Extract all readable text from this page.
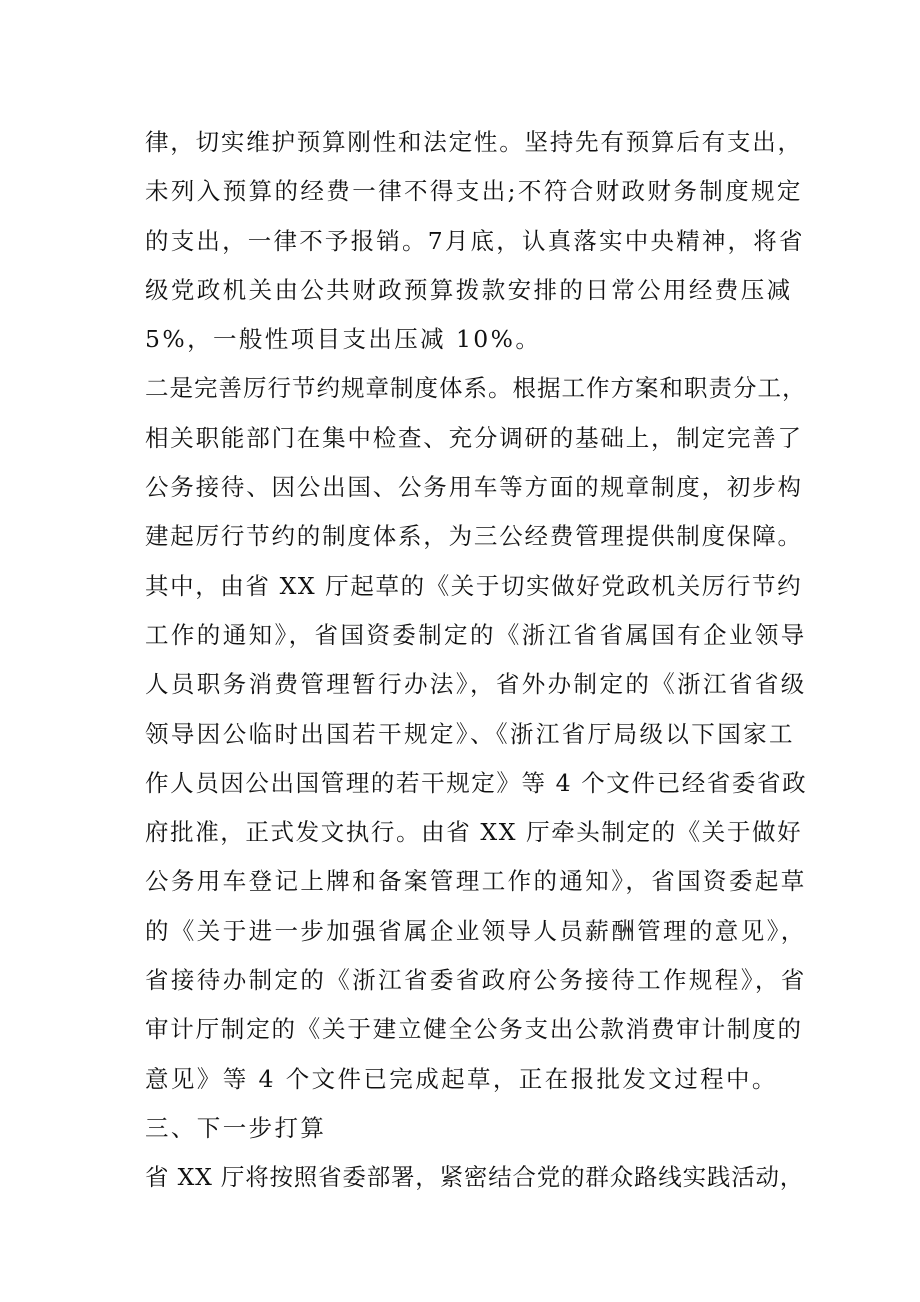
律，切实维护预算刚性和法定性。坚持先有预算后有支出，
未列入预算的经费一律不得支出;不符合财政财务制度规定
的支出，一律不予报销。7月底，认真落实中央精神，将省
级党政机关由公共财政预算拨款安排的日常公用经费压减
5%，一般性项目支出压减 10%。
二是完善厉行节约规章制度体系。根据工作方案和职责分工，
相关职能部门在集中检查、充分调研的基础上，制定完善了
公务接待、因公出国、公务用车等方面的规章制度，初步构
建起厉行节约的制度体系，为三公经费管理提供制度保障。
其中，由省 XX 厅起草的《关于切实做好党政机关厉行节约
工作的通知》，省国资委制定的《浙江省省属国有企业领导
人员职务消费管理暂行办法》，省外办制定的《浙江省省级
领导因公临时出国若干规定》、《浙江省厅局级以下国家工
作人员因公出国管理的若干规定》等 4 个文件已经省委省政
府批准，正式发文执行。由省 XX 厅牵头制定的《关于做好
公务用车登记上牌和备案管理工作的通知》，省国资委起草
的《关于进一步加强省属企业领导人员薪酬管理的意见》，
省接待办制定的《浙江省委省政府公务接待工作规程》，省
审计厅制定的《关于建立健全公务支出公款消费审计制度的
意见》等 4 个文件已完成起草，正在报批发文过程中。
三、下一步打算
省 XX 厅将按照省委部署，紧密结合党的群众路线实践活动，
